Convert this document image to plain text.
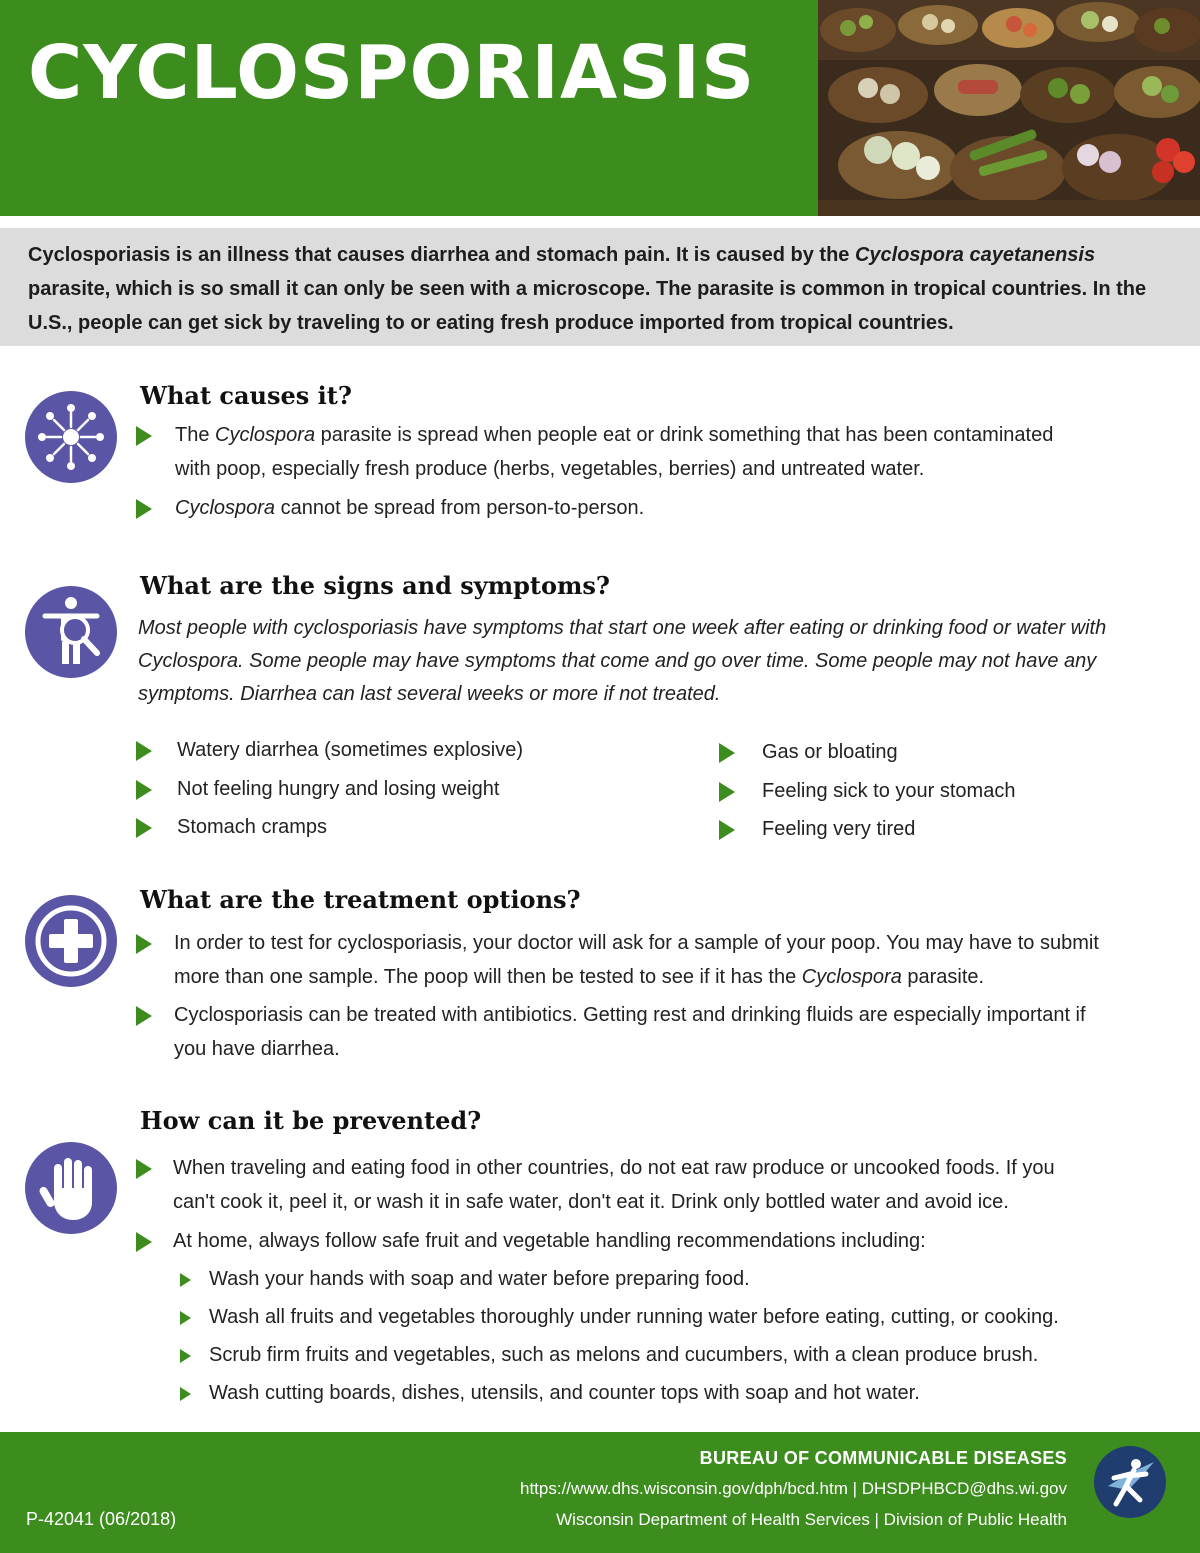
CYCLOSPORIASIS

Cyclosporiasis is an illness that causes diarrhea and stomach pain. It is caused by the Cyclospora cayetanensis parasite, which is so small it can only be seen with a microscope. The parasite is common in tropical countries. In the U.S., people can get sick by traveling to or eating fresh produce imported from tropical countries.

What causes it?
The Cyclospora parasite is spread when people eat or drink something that has been contaminated
with poop, especially fresh produce (herbs, vegetables, berries) and untreated water.
Cyclospora cannot be spread from person-to-person.
What are the signs and symptoms?
Most people with cyclosporiasis have symptoms that start one week after eating or drinking food or water with
Cyclospora. Some people may have symptoms that come and go over time. Some people may not have any
symptoms. Diarrhea can last several weeks or more if not treated.
Watery diarrhea (sometimes explosive)
Not feeling hungry and losing weight
Stomach cramps
Gas or bloating
Feeling sick to your stomach
Feeling very tired
What are the treatment options?
In order to test for cyclosporiasis, your doctor will ask for a sample of your poop. You may have to submit
more than one sample. The poop will then be tested to see if it has the Cyclospora parasite.
Cyclosporiasis can be treated with antibiotics. Getting rest and drinking fluids are especially important if
you have diarrhea.
How can it be prevented?
When traveling and eating food in other countries, do not eat raw produce or uncooked foods. If you
can't cook it, peel it, or wash it in safe water, don't eat it. Drink only bottled water and avoid ice.
At home, always follow safe fruit and vegetable handling recommendations including:
Wash your hands with soap and water before preparing food.
Wash all fruits and vegetables thoroughly under running water before eating, cutting, or cooking.
Scrub firm fruits and vegetables, such as melons and cucumbers, with a clean produce brush.
Wash cutting boards, dishes, utensils, and counter tops with soap and hot water.
BUREAU OF COMMUNICABLE DISEASES
https://www.dhs.wisconsin.gov/dph/bcd.htm | DHSDPHBCD@dhs.wi.gov
Wisconsin Department of Health Services | Division of Public Health
P-42041 (06/2018)
